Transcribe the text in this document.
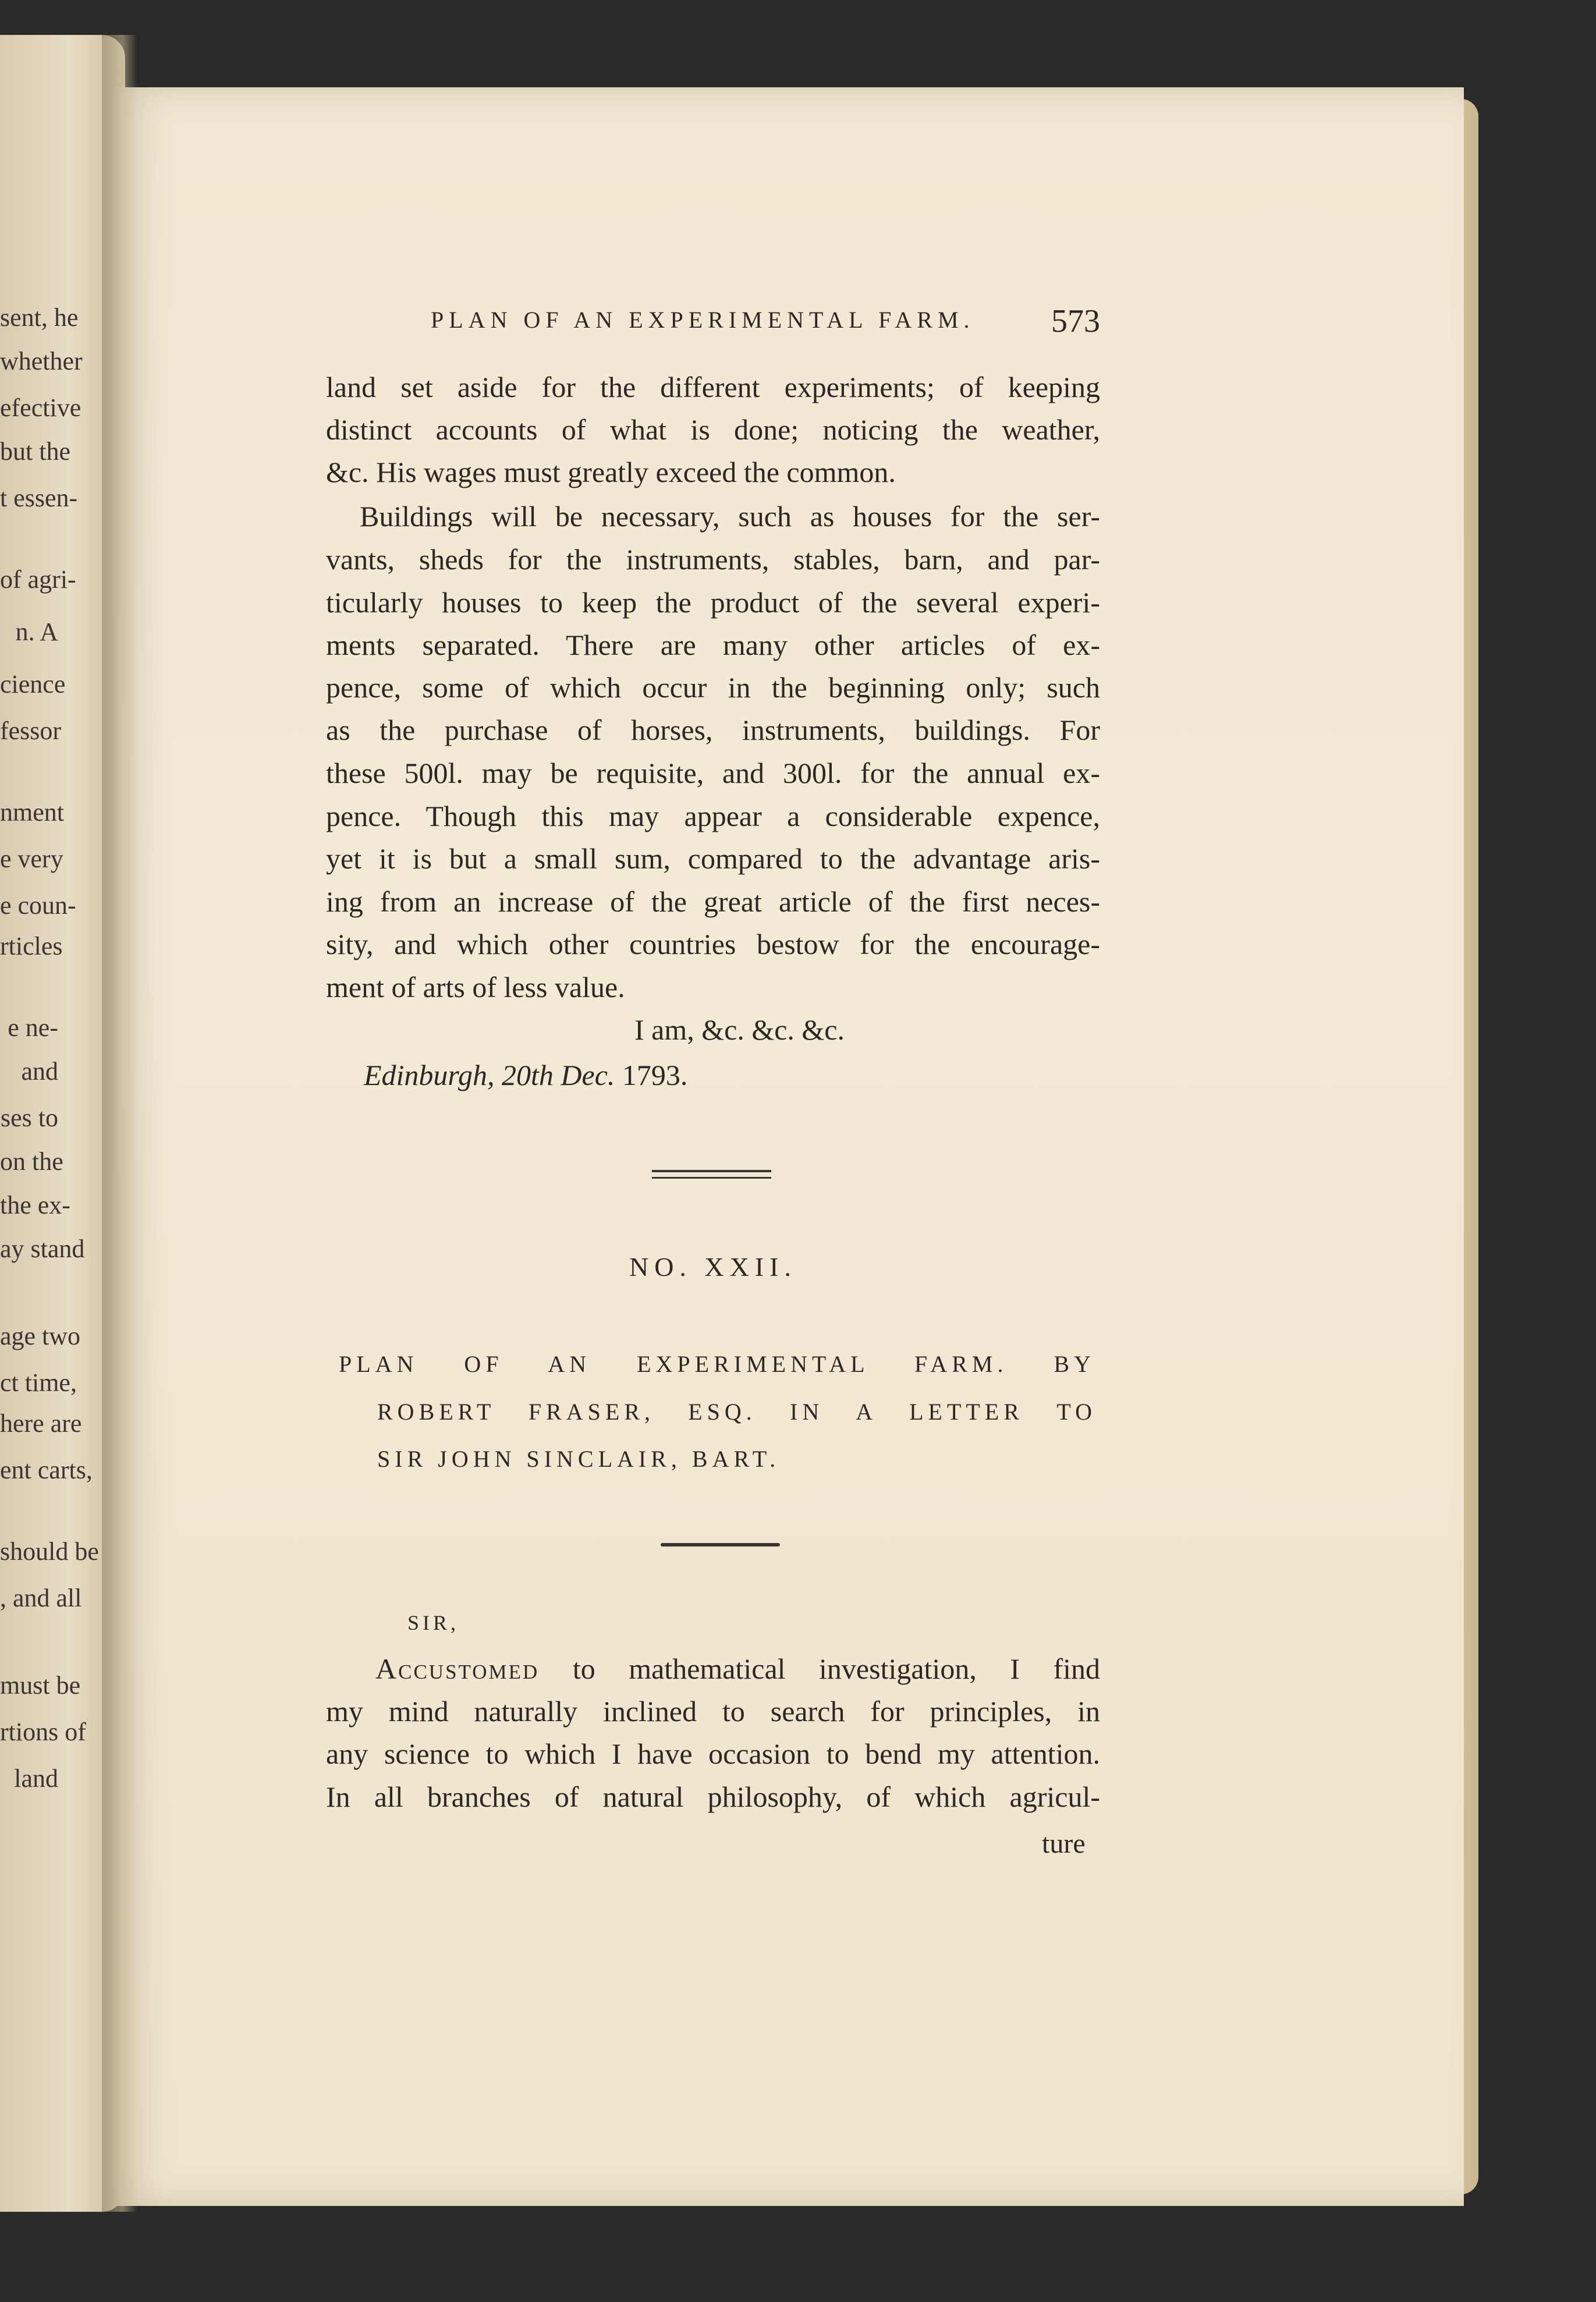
sent, he
whether
efective
but the
t essen-
of agri-
n. A
cience
fessor
nment
e very
e coun-
rticles
e ne-
and
ses to
on the
the ex-
ay stand
age two
ct time,
here are
ent carts,
should be
, and all
must be
rtions of
land
PLAN OF AN EXPERIMENTAL FARM. 573
land set aside for the different experiments; of keeping
distinct accounts of what is done; noticing the weather,
&c. His wages must greatly exceed the common.
Buildings will be necessary, such as houses for the ser-
vants, sheds for the instruments, stables, barn, and par-
ticularly houses to keep the product of the several experi-
ments separated. There are many other articles of ex-
pence, some of which occur in the beginning only; such
as the purchase of horses, instruments, buildings. For
these 500l. may be requisite, and 300l. for the annual ex-
pence. Though this may appear a considerable expence,
yet it is but a small sum, compared to the advantage aris-
ing from an increase of the great article of the first neces-
sity, and which other countries bestow for the encourage-
ment of arts of less value.
I am, &c. &c. &c.
Edinburgh, 20th Dec. 1793.
NO. XXII.
PLAN OF AN EXPERIMENTAL FARM. BY
ROBERT FRASER, ESQ. IN A LETTER TO
SIR JOHN SINCLAIR, BART.
SIR,
Accustomed to mathematical investigation, I find
my mind naturally inclined to search for principles, in
any science to which I have occasion to bend my attention.
In all branches of natural philosophy, of which agricul-
ture
